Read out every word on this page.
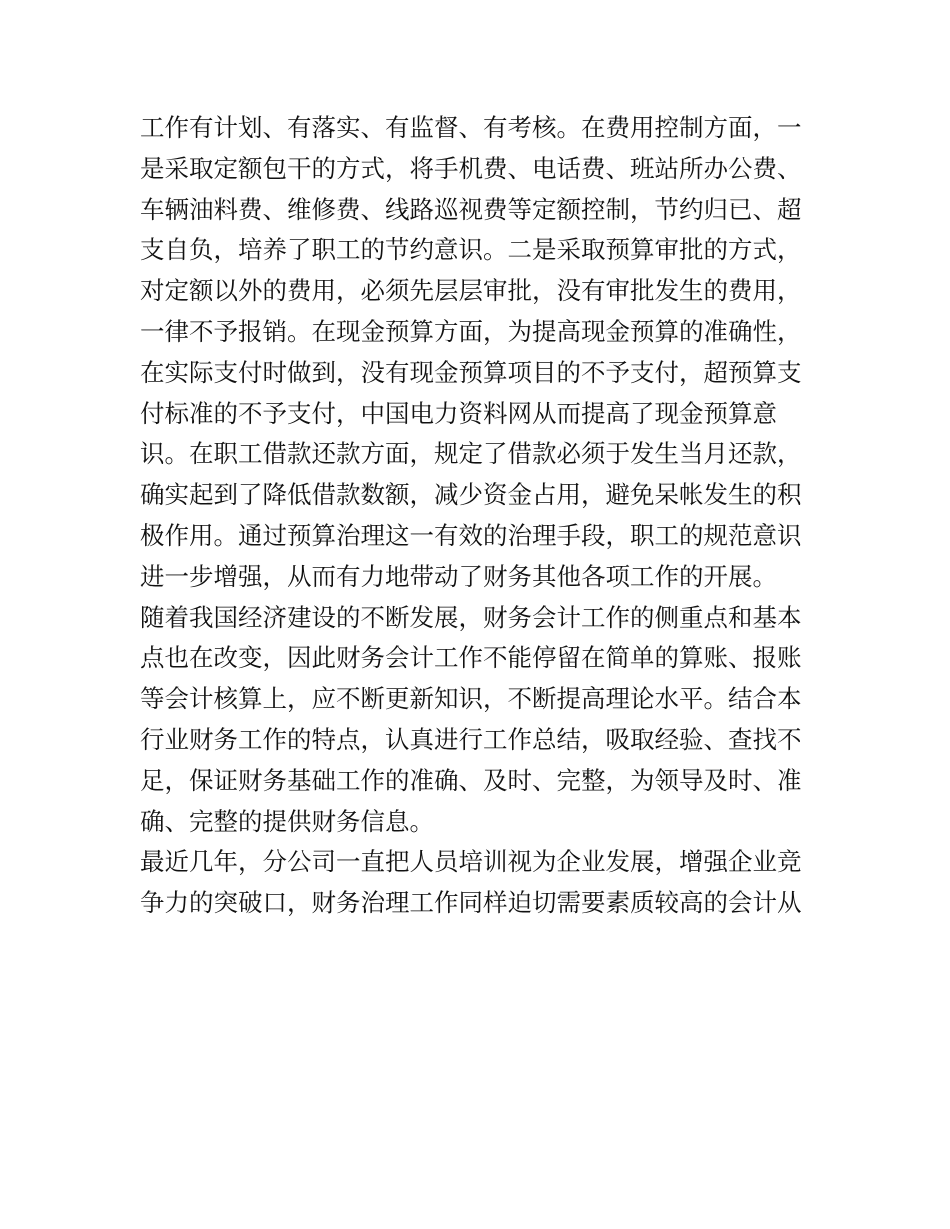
工作有计划、有落实、有监督、有考核。在费用控制方面，一
是采取定额包干的方式，将手机费、电话费、班站所办公费、
车辆油料费、维修费、线路巡视费等定额控制，节约归已、超
支自负，培养了职工的节约意识。二是采取预算审批的方式，
对定额以外的费用，必须先层层审批，没有审批发生的费用，
一律不予报销。在现金预算方面，为提高现金预算的准确性，
在实际支付时做到，没有现金预算项目的不予支付，超预算支
付标准的不予支付，中国电力资料网从而提高了现金预算意
识。在职工借款还款方面，规定了借款必须于发生当月还款，
确实起到了降低借款数额，减少资金占用，避免呆帐发生的积
极作用。通过预算治理这一有效的治理手段，职工的规范意识
进一步增强，从而有力地带动了财务其他各项工作的开展。
随着我国经济建设的不断发展，财务会计工作的侧重点和基本
点也在改变，因此财务会计工作不能停留在简单的算账、报账
等会计核算上，应不断更新知识，不断提高理论水平。结合本
行业财务工作的特点，认真进行工作总结，吸取经验、查找不
足，保证财务基础工作的准确、及时、完整，为领导及时、准
确、完整的提供财务信息。
最近几年，分公司一直把人员培训视为企业发展，增强企业竞
争力的突破口，财务治理工作同样迫切需要素质较高的会计从
